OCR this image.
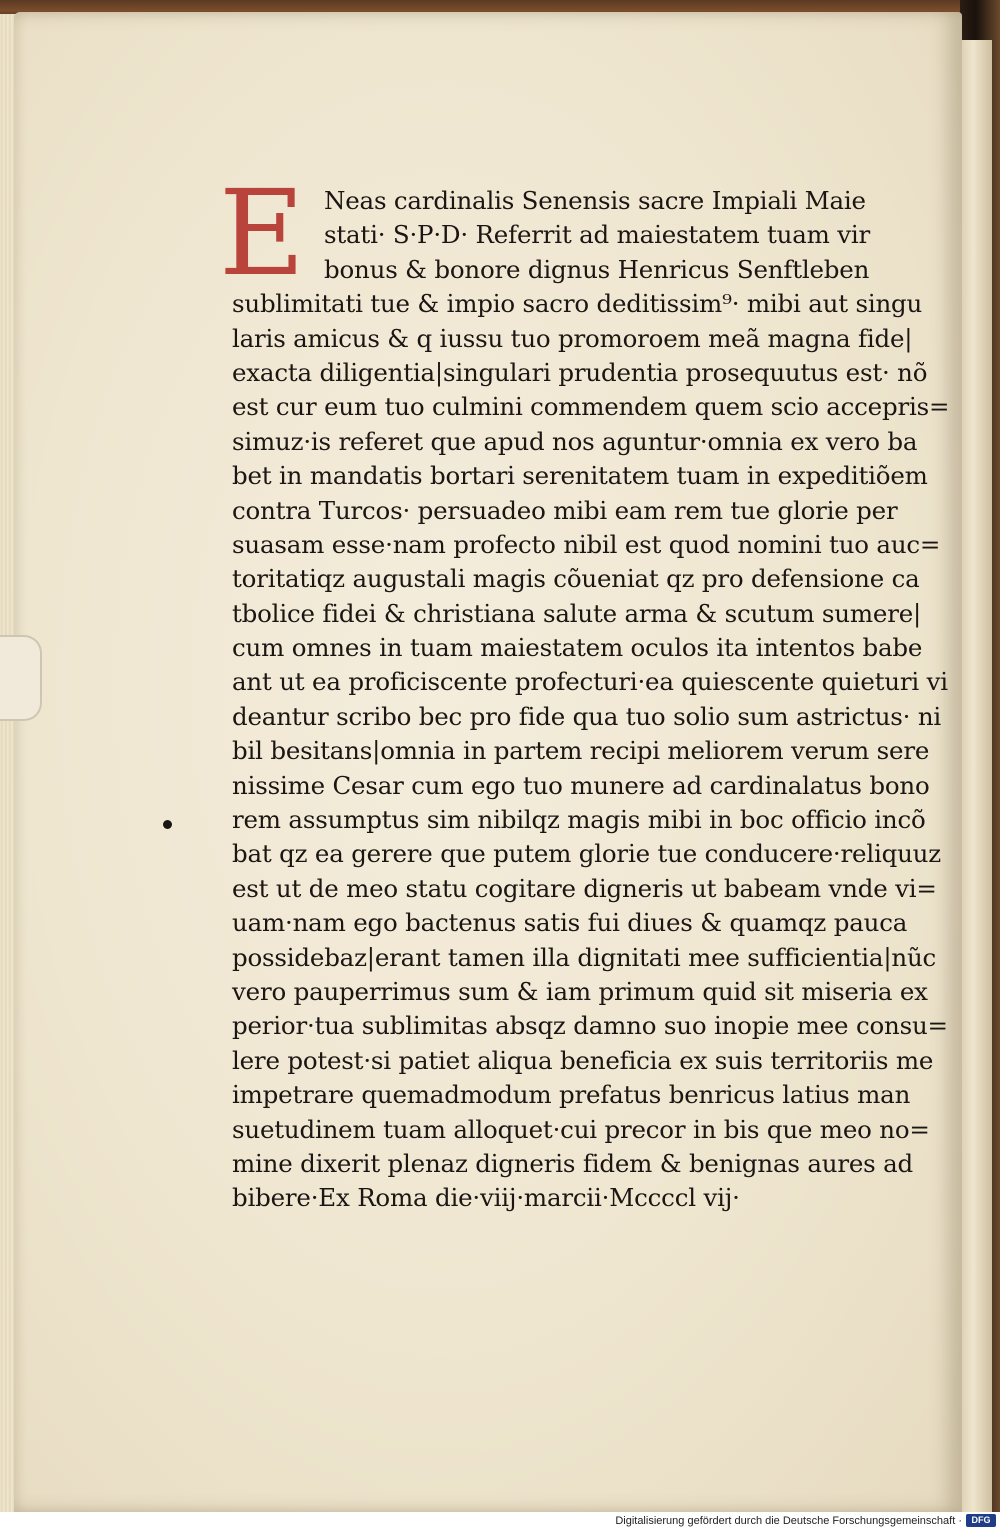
E Neas cardinalis Senensis sacre Impiali Maie
stati· S·P·D· Referrit ad maiestatem tuam vir
bonus & bonore dignus Henricus Senftleben
sublimitati tue & impio sacro deditissim⁹· mibi aut singu
laris amicus & q iussu tuo promoroem meã magna fide|
exacta diligentia|singulari prudentia prosequutus est· nõ
est cur eum tuo culmini commendem quem scio accepris=
simuz·is referet que apud nos aguntur·omnia ex vero ba
bet in mandatis bortari serenitatem tuam in expeditiõem
contra Turcos· persuadeo mibi eam rem tue glorie per
suasam esse·nam profecto nibil est quod nomini tuo auc=
toritatiqz augustali magis cõueniat qz pro defensione ca
tbolice fidei & christiana salute arma & scutum sumere|
cum omnes in tuam maiestatem oculos ita intentos babe
ant ut ea proficiscente profecturi·ea quiescente quieturi vi
deantur scribo bec pro fide qua tuo solio sum astrictus· ni
bil besitans|omnia in partem recipi meliorem verum sere
nissime Cesar cum ego tuo munere ad cardinalatus bono
rem assumptus sim nibilqz magis mibi in boc officio incõ
bat qz ea gerere que putem glorie tue conducere·reliquuz
est ut de meo statu cogitare digneris ut babeam vnde vi=
uam·nam ego bactenus satis fui diues & quamqz pauca
possidebaz|erant tamen illa dignitati mee sufficientia|nũc
vero pauperrimus sum & iam primum quid sit miseria ex
perior·tua sublimitas absqz damno suo inopie mee consu=
lere potest·si patiet aliqua beneficia ex suis territoriis me
impetrare quemadmodum prefatus benricus latius man
suetudinem tuam alloquet·cui precor in bis que meo no=
mine dixerit plenaz digneris fidem & benignas aures ad
bibere·Ex Roma die·viij·marcii·Mccccl vij·
Digitalisierung gefördert durch die Deutsche Forschungsgemeinschaft ·	DFG
